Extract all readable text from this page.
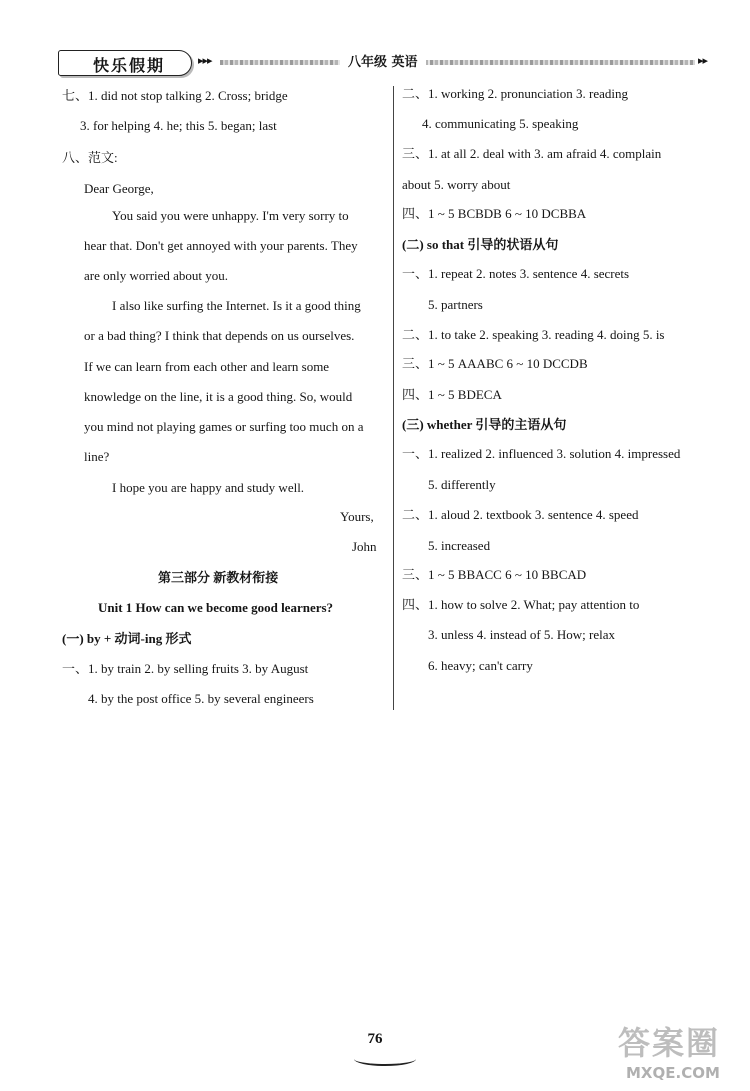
快乐假期	▸▸▸	八年级 英语	▸▸
七、1. did not stop talking 2. Cross; bridge
3. for helping 4. he; this 5. began; last
八、范文:
Dear George,
You said you were unhappy. I'm very sorry to
hear that. Don't get annoyed with your parents. They
are only worried about you.
I also like surfing the Internet. Is it a good thing
or a bad thing? I think that depends on us ourselves.
If we can learn from each other and learn some
knowledge on the line, it is a good thing. So, would
you mind not playing games or surfing too much on a
line?
I hope you are happy and study well.
Yours,
John
第三部分 新教材衔接
Unit 1 How can we become good learners?
(一) by + 动词-ing 形式
一、1. by train 2. by selling fruits 3. by August
4. by the post office 5. by several engineers
二、1. working 2. pronunciation 3. reading
4. communicating 5. speaking
三、1. at all 2. deal with 3. am afraid 4. complain
about 5. worry about
四、1 ~ 5 BCBDB 6 ~ 10 DCBBA
(二) so that 引导的状语从句
一、1. repeat 2. notes 3. sentence 4. secrets
5. partners
二、1. to take 2. speaking 3. reading 4. doing 5. is
三、1 ~ 5 AAABC 6 ~ 10 DCCDB
四、1 ~ 5 BDECA
(三) whether 引导的主语从句
一、1. realized 2. influenced 3. solution 4. impressed
5. differently
二、1. aloud 2. textbook 3. sentence 4. speed
5. increased
三、1 ~ 5 BBACC 6 ~ 10 BBCAD
四、1. how to solve 2. What; pay attention to
3. unless 4. instead of 5. How; relax
6. heavy; can't carry
76	答案圈
MXQE.COM
